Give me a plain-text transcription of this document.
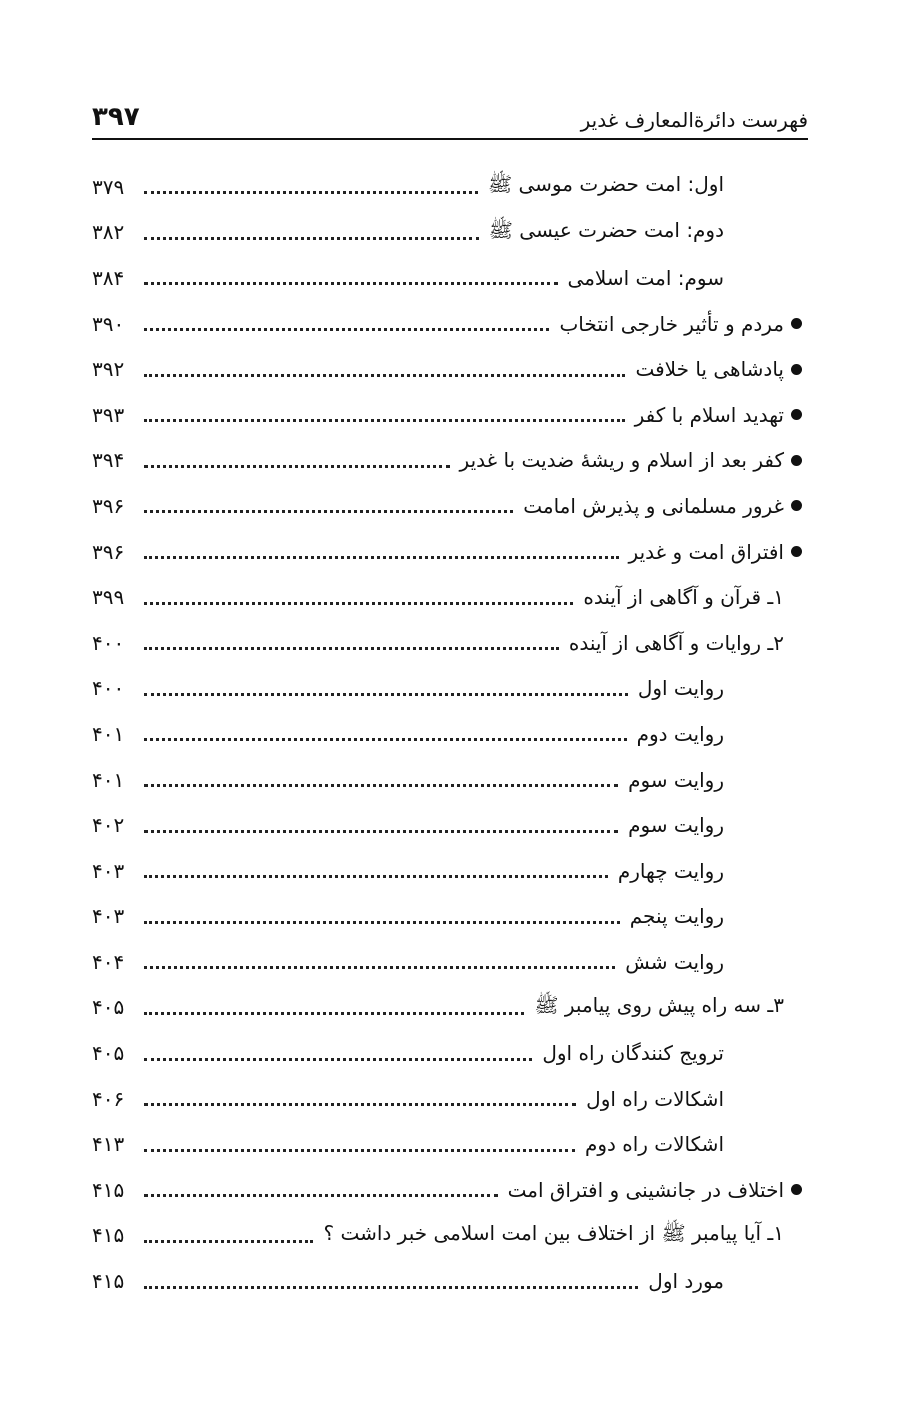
فهرست دائرةالمعارف غدیر
۳۹۷
اول: امت حضرت موسی ﷺ
۳۷۹
دوم: امت حضرت عیسی ﷺ
۳۸۲
سوم: امت اسلامی
۳۸۴
مردم و تأثیر خارجی انتخاب
۳۹۰
پادشاهی یا خلافت
۳۹۲
تهدید اسلام با کفر
۳۹۳
کفر بعد از اسلام و ریشهٔ ضدیت با غدیر
۳۹۴
غرور مسلمانی و پذیرش امامت
۳۹۶
افتراق امت و غدیر
۳۹۶
۱ـ قرآن و آگاهی از آینده
۳۹۹
۲ـ روایات و آگاهی از آینده
۴۰۰
روایت اول
۴۰۰
روایت دوم
۴۰۱
روایت سوم
۴۰۱
روایت سوم
۴۰۲
روایت چهارم
۴۰۳
روایت پنجم
۴۰۳
روایت شش
۴۰۴
۳ـ سه راه پیش روی پیامبر ﷺ
۴۰۵
ترویج کنندگان راه اول
۴۰۵
اشکالات راه اول
۴۰۶
اشکالات راه دوم
۴۱۳
اختلاف در جانشینی و افتراق امت
۴۱۵
۱ـ آیا پیامبر ﷺ از اختلاف بین امت اسلامی خبر داشت ؟
۴۱۵
مورد اول
۴۱۵
